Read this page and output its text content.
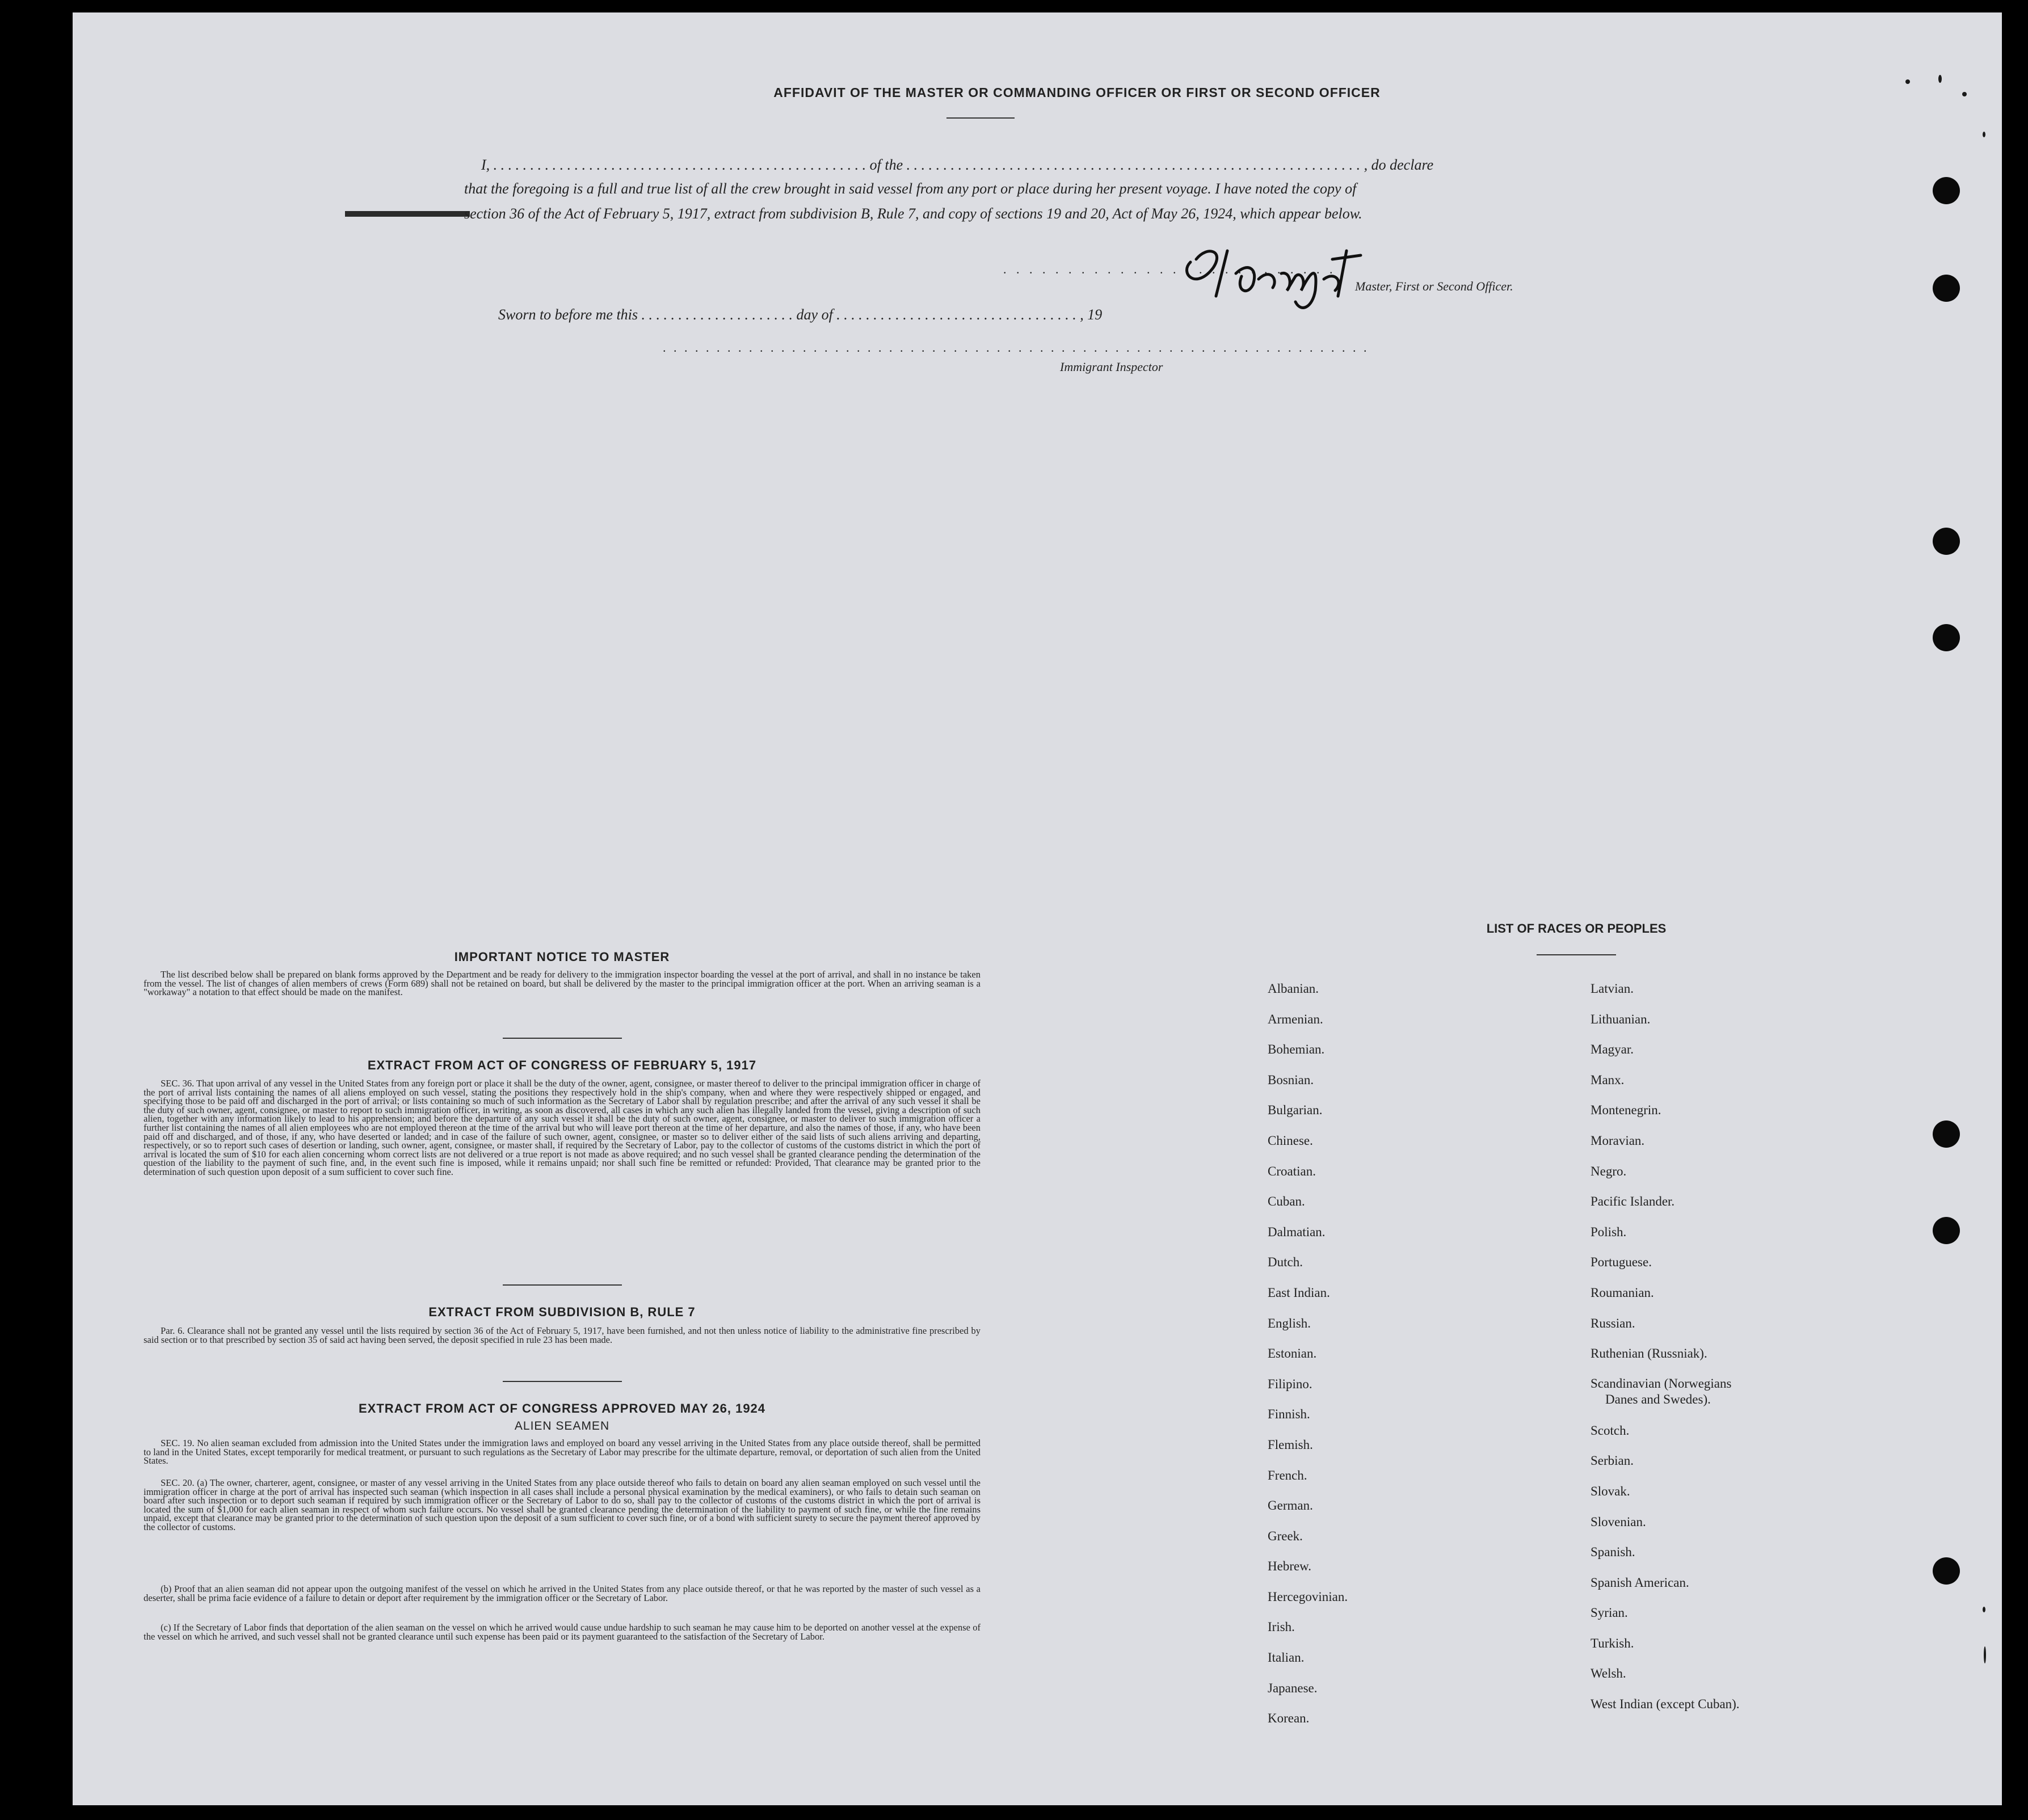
AFFIDAVIT OF THE MASTER OR COMMANDING OFFICER OR FIRST OR SECOND OFFICER
I, . . . . . . . . . . . . . . . . . . . . . . . . . . . . . . . . . . . . . . . . . . . . . . . . . . . of the . . . . . . . . . . . . . . . . . . . . . . . . . . . . . . . . . . . . . . . . . . . . . . . . . . . . . . . . . . . . . . , do declare
that the foregoing is a full and true list of all the crew brought in said vessel from any port or place during her present voyage. I have noted the copy of
section 36 of the Act of February 5, 1917, extract from subdivision B, Rule 7, and copy of sections 19 and 20, Act of May 26, 1924, which appear below.
. . . . . . . . . . . . . . . . . . . . . . . . . .
Master, First or Second Officer.
Sworn to before me this . . . . . . . . . . . . . . . . . . . . . day of . . . . . . . . . . . . . . . . . . . . . . . . . . . . . . . . . , 19
. . . . . . . . . . . . . . . . . . . . . . . . . . . . . . . . . . . . . . . . . . . . . . . . . . . . . . . . . . . . . . . . . .
Immigrant Inspector
IMPORTANT NOTICE TO MASTER
The list described below shall be prepared on blank forms approved by the Department and be ready for delivery to the immigration inspector boarding the vessel at the port of arrival, and shall in no instance be taken from the vessel. The list of changes of alien members of crews (Form 689) shall not be retained on board, but shall be delivered by the master to the principal immigration officer at the port. When an arriving seaman is a "workaway" a notation to that effect should be made on the manifest.
EXTRACT FROM ACT OF CONGRESS OF FEBRUARY 5, 1917
SEC. 36. That upon arrival of any vessel in the United States from any foreign port or place it shall be the duty of the owner, agent, consignee, or master thereof to deliver to the principal immigration officer in charge of the port of arrival lists containing the names of all aliens employed on such vessel, stating the positions they respectively hold in the ship's company, when and where they were respectively shipped or engaged, and specifying those to be paid off and discharged in the port of arrival; or lists containing so much of such information as the Secretary of Labor shall by regulation prescribe; and after the arrival of any such vessel it shall be the duty of such owner, agent, consignee, or master to report to such immigration officer, in writing, as soon as discovered, all cases in which any such alien has illegally landed from the vessel, giving a description of such alien, together with any information likely to lead to his apprehension; and before the departure of any such vessel it shall be the duty of such owner, agent, consignee, or master to deliver to such immigration officer a further list containing the names of all alien employees who are not employed thereon at the time of the arrival but who will leave port thereon at the time of her departure, and also the names of those, if any, who have been paid off and discharged, and of those, if any, who have deserted or landed; and in case of the failure of such owner, agent, consignee, or master so to deliver either of the said lists of such aliens arriving and departing, respectively, or so to report such cases of desertion or landing, such owner, agent, consignee, or master shall, if required by the Secretary of Labor, pay to the collector of customs of the customs district in which the port of arrival is located the sum of $10 for each alien concerning whom correct lists are not delivered or a true report is not made as above required; and no such vessel shall be granted clearance pending the determination of the question of the liability to the payment of such fine, and, in the event such fine is imposed, while it remains unpaid; nor shall such fine be remitted or refunded: Provided, That clearance may be granted prior to the determination of such question upon deposit of a sum sufficient to cover such fine.
EXTRACT FROM SUBDIVISION B, RULE 7
Par. 6. Clearance shall not be granted any vessel until the lists required by section 36 of the Act of February 5, 1917, have been furnished, and not then unless notice of liability to the administrative fine prescribed by said section or to that prescribed by section 35 of said act having been served, the deposit specified in rule 23 has been made.
EXTRACT FROM ACT OF CONGRESS APPROVED MAY 26, 1924
ALIEN SEAMEN
SEC. 19. No alien seaman excluded from admission into the United States under the immigration laws and employed on board any vessel arriving in the United States from any place outside thereof, shall be permitted to land in the United States, except temporarily for medical treatment, or pursuant to such regulations as the Secretary of Labor may prescribe for the ultimate departure, removal, or deportation of such alien from the United States.
SEC. 20. (a) The owner, charterer, agent, consignee, or master of any vessel arriving in the United States from any place outside thereof who fails to detain on board any alien seaman employed on such vessel until the immigration officer in charge at the port of arrival has inspected such seaman (which inspection in all cases shall include a personal physical examination by the medical examiners), or who fails to detain such seaman on board after such inspection or to deport such seaman if required by such immigration officer or the Secretary of Labor to do so, shall pay to the collector of customs of the customs district in which the port of arrival is located the sum of $1,000 for each alien seaman in respect of whom such failure occurs. No vessel shall be granted clearance pending the determination of the liability to payment of such fine, or while the fine remains unpaid, except that clearance may be granted prior to the determination of such question upon the deposit of a sum sufficient to cover such fine, or of a bond with sufficient surety to secure the payment thereof approved by the collector of customs.
(b) Proof that an alien seaman did not appear upon the outgoing manifest of the vessel on which he arrived in the United States from any place outside thereof, or that he was reported by the master of such vessel as a deserter, shall be prima facie evidence of a failure to detain or deport after requirement by the immigration officer or the Secretary of Labor.
(c) If the Secretary of Labor finds that deportation of the alien seaman on the vessel on which he arrived would cause undue hardship to such seaman he may cause him to be deported on another vessel at the expense of the vessel on which he arrived, and such vessel shall not be granted clearance until such expense has been paid or its payment guaranteed to the satisfaction of the Secretary of Labor.
LIST OF RACES OR PEOPLES
Albanian.
Armenian.
Bohemian.
Bosnian.
Bulgarian.
Chinese.
Croatian.
Cuban.
Dalmatian.
Dutch.
East Indian.
English.
Estonian.
Filipino.
Finnish.
Flemish.
French.
German.
Greek.
Hebrew.
Hercegovinian.
Irish.
Italian.
Japanese.
Korean.
Latvian.
Lithuanian.
Magyar.
Manx.
Montenegrin.
Moravian.
Negro.
Pacific Islander.
Polish.
Portuguese.
Roumanian.
Russian.
Ruthenian (Russniak).
Scandinavian (Norwegians
Danes and Swedes).
Scotch.
Serbian.
Slovak.
Slovenian.
Spanish.
Spanish American.
Syrian.
Turkish.
Welsh.
West Indian (except Cuban).
